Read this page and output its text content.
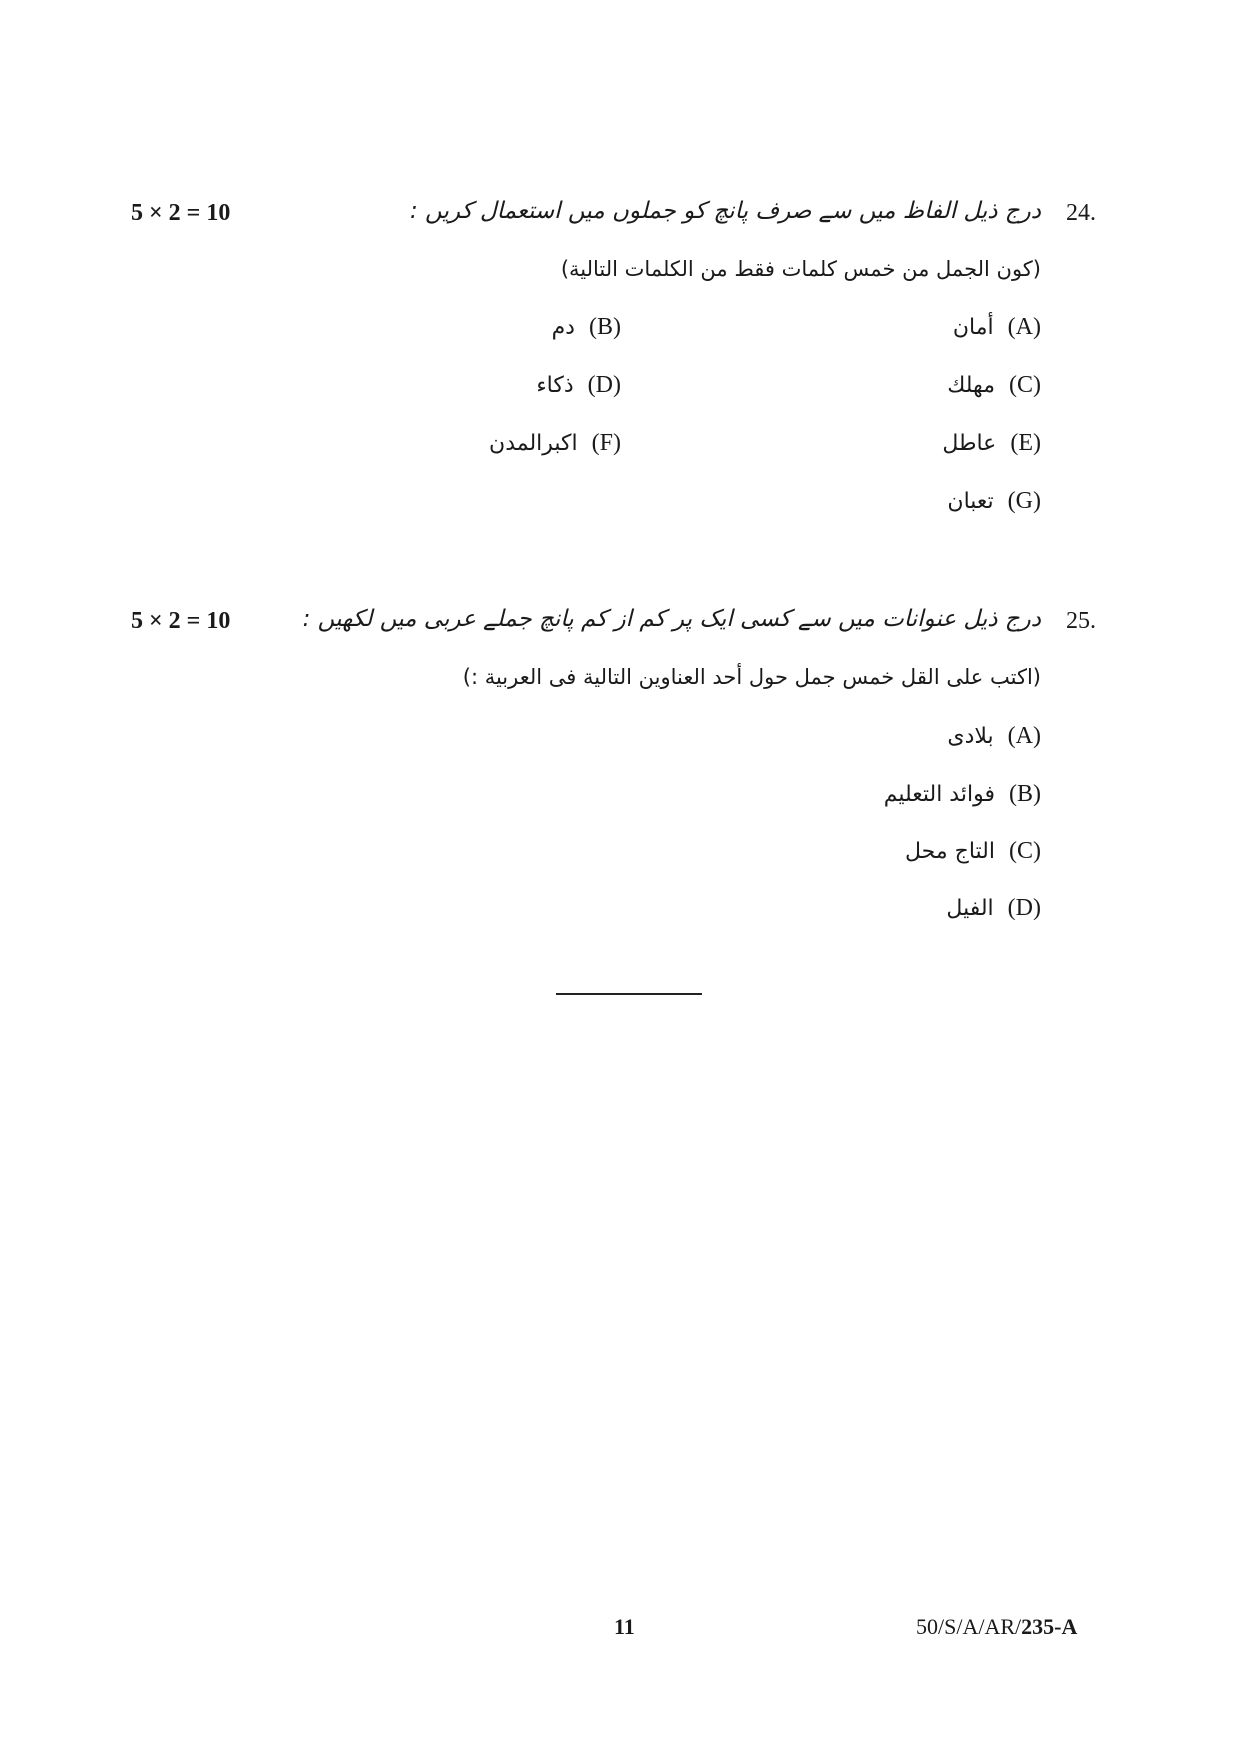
5 × 2 = 10	24.
درج ذیل الفاظ میں سے صرف پانچ کو جملوں میں استعمال کریں :
(كون الجمل من خمس كلمات فقط من الكلمات التالية)
(A)أمان
(B)دم
(C)مهلك
(D)ذكاء
(E)عاطل
(F)اكبرالمدن
(G)تعبان
5 × 2 = 10	25.
درج ذیل عنوانات میں سے کسی ایک پر کم از کم پانچ جملے عربی میں لکھیں :
(اكتب على القل خمس جمل حول أحد العناوين التالية فى العربية :)
(A)بلادى
(B)فوائد التعليم
(C)التاج محل
(D)الفيل
11	50/S/A/AR/235-A
